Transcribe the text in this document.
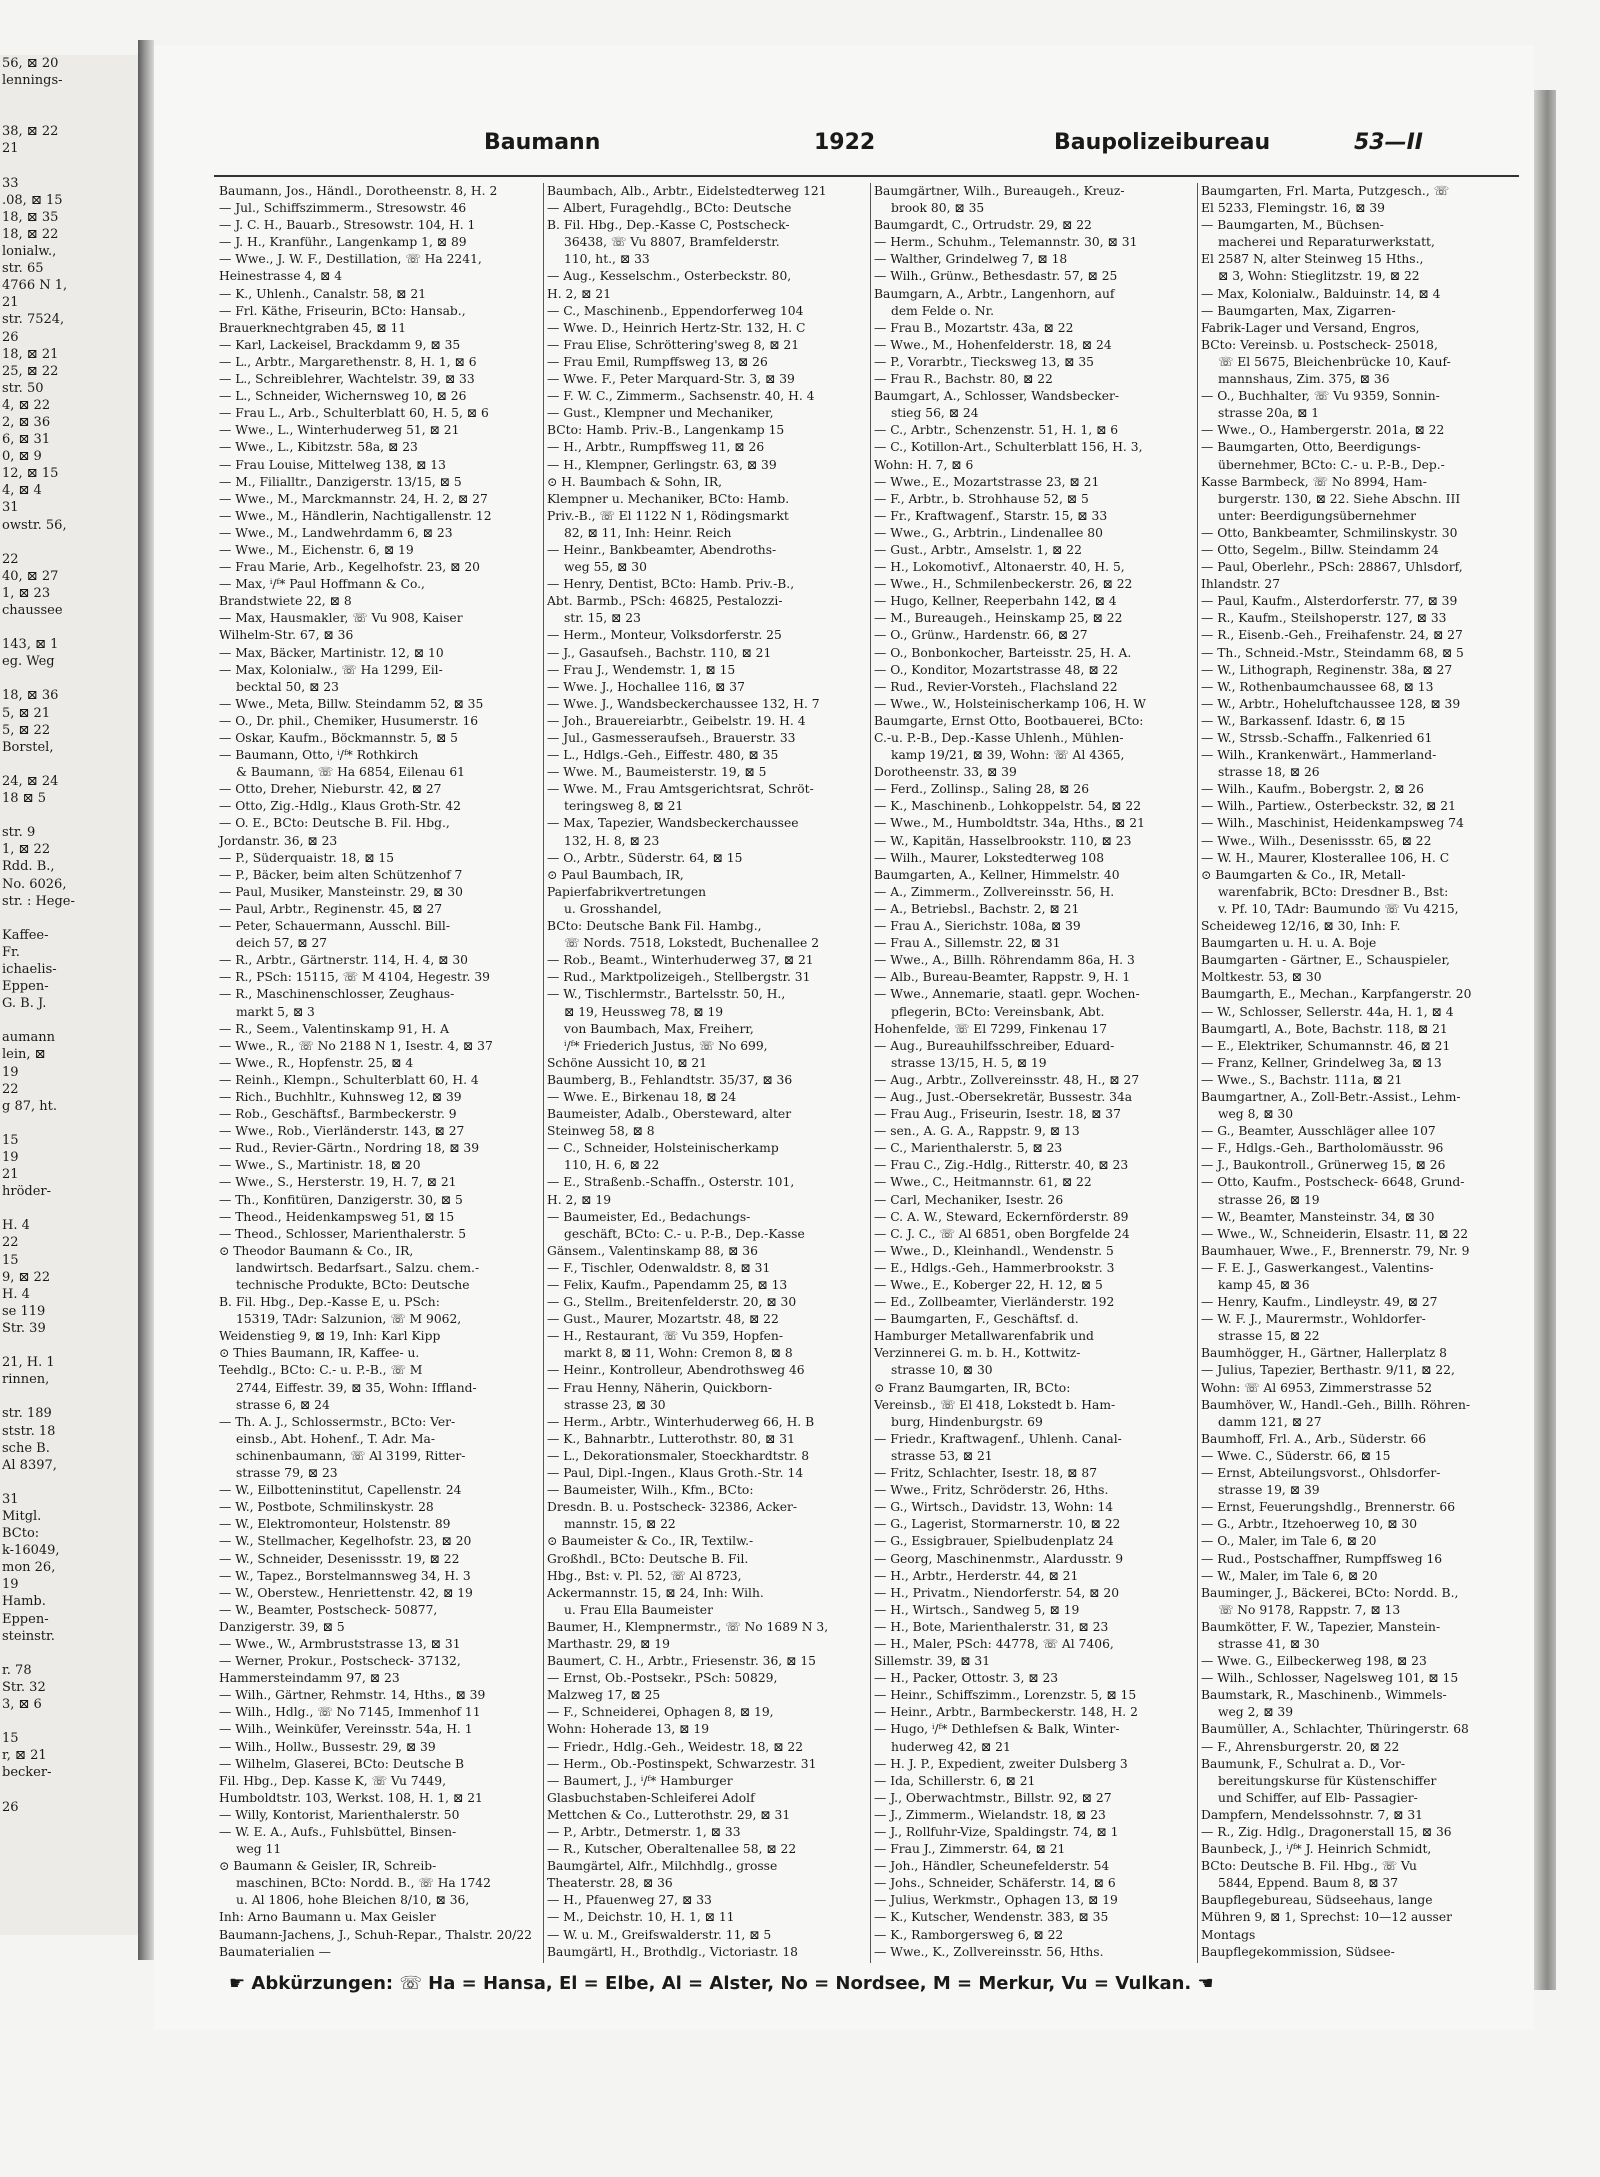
56, ⊠ 20
lennings-

38, ⊠ 22
21

33
.08, ⊠ 15
18, ⊠ 35
18, ⊠ 22
lonialw.,
str. 65
4766 N 1,
21
str. 7524,
26
18, ⊠ 21
25, ⊠ 22
str. 50
4, ⊠ 22
2, ⊠ 36
6, ⊠ 31
0, ⊠ 9
12, ⊠ 15
4, ⊠ 4
31
owstr. 56,

22
40, ⊠ 27
1, ⊠ 23
chaussee

143, ⊠ 1
eg. Weg

18, ⊠ 36
5, ⊠ 21
5, ⊠ 22
Borstel,

24, ⊠ 24
18 ⊠ 5

str. 9
1, ⊠ 22
Rdd. B.,
No. 6026,
str. : Hege-

Kaffee-
Fr.
ichaelis-
Eppen-
G. B. J.

aumann
lein, ⊠
19
22
g 87, ht.

15
19
21
hröder-

H. 4
22
15
9, ⊠ 22
H. 4
se 119
Str. 39

21, H. 1
rinnen,

str. 189
ststr. 18
sche B.
Al 8397,

31
Mitgl.
BCto:
k-16049,
mon 26,
19
Hamb.
Eppen-
steinstr.

r. 78
Str. 32
3, ⊠ 6

15
r, ⊠ 21
becker-

26
Baumann	1922	Baupolizeibureau	53—II
Baumann, Jos., Händl., Dorotheenstr. 8, H. 2
— Jul., Schiffszimmerm., Stresowstr. 46
— J. C. H., Bauarb., Stresowstr. 104, H. 1
— J. H., Kranführ., Langenkamp 1, ⊠ 89
— Wwe., J. W. F., Destillation, ☏ Ha 2241,
Heinestrasse 4, ⊠ 4
— K., Uhlenh., Canalstr. 58, ⊠ 21
— Frl. Käthe, Friseurin, BCto: Hansab.,
Brauerknechtgraben 45, ⊠ 11
— Karl, Lackeisel, Brackdamm 9, ⊠ 35
— L., Arbtr., Margarethenstr. 8, H. 1, ⊠ 6
— L., Schreiblehrer, Wachtelstr. 39, ⊠ 33
— L., Schneider, Wichernsweg 10, ⊠ 26
— Frau L., Arb., Schulterblatt 60, H. 5, ⊠ 6
— Wwe., L., Winterhuderweg 51, ⊠ 21
— Wwe., L., Kibitzstr. 58a, ⊠ 23
— Frau Louise, Mittelweg 138, ⊠ 13
— M., Filialltr., Danzigerstr. 13/15, ⊠ 5
— Wwe., M., Marckmannstr. 24, H. 2, ⊠ 27
— Wwe., M., Händlerin, Nachtigallenstr. 12
— Wwe., M., Landwehrdamm 6, ⊠ 23
— Wwe., M., Eichenstr. 6, ⊠ 19
— Frau Marie, Arb., Kegelhofstr. 23, ⊠ 20
— Max, ⁱ/ᶠ* Paul Hoffmann & Co.,
Brandstwiete 22, ⊠ 8
— Max, Hausmakler, ☏ Vu 908, Kaiser
Wilhelm-Str. 67, ⊠ 36
— Max, Bäcker, Martinistr. 12, ⊠ 10
— Max, Kolonialw., ☏ Ha 1299, Eil-
becktal 50, ⊠ 23
— Wwe., Meta, Billw. Steindamm 52, ⊠ 35
— O., Dr. phil., Chemiker, Husumerstr. 16
— Oskar, Kaufm., Böckmannstr. 5, ⊠ 5
— Baumann, Otto, ⁱ/ᶠ* Rothkirch
& Baumann, ☏ Ha 6854, Eilenau 61
— Otto, Dreher, Nieburstr. 42, ⊠ 27
— Otto, Zig.-Hdlg., Klaus Groth-Str. 42
— O. E., BCto: Deutsche B. Fil. Hbg.,
Jordanstr. 36, ⊠ 23
— P., Süderquaistr. 18, ⊠ 15
— P., Bäcker, beim alten Schützenhof 7
— Paul, Musiker, Mansteinstr. 29, ⊠ 30
— Paul, Arbtr., Reginenstr. 45, ⊠ 27
— Peter, Schauermann, Ausschl. Bill-
deich 57, ⊠ 27
— R., Arbtr., Gärtnerstr. 114, H. 4, ⊠ 30
— R., PSch: 15115, ☏ M 4104, Hegestr. 39
— R., Maschinenschlosser, Zeughaus-
markt 5, ⊠ 3
— R., Seem., Valentinskamp 91, H. A
— Wwe., R., ☏ No 2188 N 1, Isestr. 4, ⊠ 37
— Wwe., R., Hopfenstr. 25, ⊠ 4
— Reinh., Klempn., Schulterblatt 60, H. 4
— Rich., Buchhltr., Kuhnsweg 12, ⊠ 39
— Rob., Geschäftsf., Barmbeckerstr. 9
— Wwe., Rob., Vierländerstr. 143, ⊠ 27
— Rud., Revier-Gärtn., Nordring 18, ⊠ 39
— Wwe., S., Martinistr. 18, ⊠ 20
— Wwe., S., Hersterstr. 19, H. 7, ⊠ 21
— Th., Konfitüren, Danzigerstr. 30, ⊠ 5
— Theod., Heidenkampsweg 51, ⊠ 15
— Theod., Schlosser, Marienthalerstr. 5
⊙ Theodor Baumann & Co., IR,
landwirtsch. Bedarfsart., Salzu. chem.-
technische Produkte, BCto: Deutsche
B. Fil. Hbg., Dep.-Kasse E, u. PSch:
15319, TAdr: Salzunion, ☏ M 9062,
Weidenstieg 9, ⊠ 19, Inh: Karl Kipp
⊙ Thies Baumann, IR, Kaffee- u.
Teehdlg., BCto: C.- u. P.-B., ☏ M
2744, Eiffestr. 39, ⊠ 35, Wohn: Iffland-
strasse 6, ⊠ 24
— Th. A. J., Schlossermstr., BCto: Ver-
einsb., Abt. Hohenf., T. Adr. Ma-
schinenbaumann, ☏ Al 3199, Ritter-
strasse 79, ⊠ 23
— W., Eilbotteninstitut, Capellenstr. 24
— W., Postbote, Schmilinskystr. 28
— W., Elektromonteur, Holstenstr. 89
— W., Stellmacher, Kegelhofstr. 23, ⊠ 20
— W., Schneider, Desenissstr. 19, ⊠ 22
— W., Tapez., Borstelmannsweg 34, H. 3
— W., Oberstew., Henriettenstr. 42, ⊠ 19
— W., Beamter, Postscheck- 50877,
Danzigerstr. 39, ⊠ 5
— Wwe., W., Armbruststrasse 13, ⊠ 31
— Werner, Prokur., Postscheck- 37132,
Hammersteindamm 97, ⊠ 23
— Wilh., Gärtner, Rehmstr. 14, Hths., ⊠ 39
— Wilh., Hdlg., ☏ No 7145, Immenhof 11
— Wilh., Weinküfer, Vereinsstr. 54a, H. 1
— Wilh., Hollw., Bussestr. 29, ⊠ 39
— Wilhelm, Glaserei, BCto: Deutsche B
Fil. Hbg., Dep. Kasse K, ☏ Vu 7449,
Humboldtstr. 103, Werkst. 108, H. 1, ⊠ 21
— Willy, Kontorist, Marienthalerstr. 50
— W. E. A., Aufs., Fuhlsbüttel, Binsen-
weg 11
⊙ Baumann & Geisler, IR, Schreib-
maschinen, BCto: Nordd. B., ☏ Ha 1742
u. Al 1806, hohe Bleichen 8/10, ⊠ 36,
Inh: Arno Baumann u. Max Geisler
Baumann-Jachens, J., Schuh-Repar., Thalstr. 20/22
Baumaterialien —
Baumbach, Alb., Arbtr., Eidelstedterweg 121
— Albert, Furagehdlg., BCto: Deutsche
B. Fil. Hbg., Dep.-Kasse C, Postscheck-
36438, ☏ Vu 8807, Bramfelderstr.
110, ht., ⊠ 33
— Aug., Kesselschm., Osterbeckstr. 80,
H. 2, ⊠ 21
— C., Maschinenb., Eppendorferweg 104
— Wwe. D., Heinrich Hertz-Str. 132, H. C
— Frau Elise, Schröttering'sweg 8, ⊠ 21
— Frau Emil, Rumpffsweg 13, ⊠ 26
— Wwe. F., Peter Marquard-Str. 3, ⊠ 39
— F. W. C., Zimmerm., Sachsenstr. 40, H. 4
— Gust., Klempner und Mechaniker,
BCto: Hamb. Priv.-B., Langenkamp 15
— H., Arbtr., Rumpffsweg 11, ⊠ 26
— H., Klempner, Gerlingstr. 63, ⊠ 39
⊙ H. Baumbach & Sohn, IR,
Klempner u. Mechaniker, BCto: Hamb.
Priv.-B., ☏ El 1122 N 1, Rödingsmarkt
82, ⊠ 11, Inh: Heinr. Reich
— Heinr., Bankbeamter, Abendroths-
weg 55, ⊠ 30
— Henry, Dentist, BCto: Hamb. Priv.-B.,
Abt. Barmb., PSch: 46825, Pestalozzi-
str. 15, ⊠ 23
— Herm., Monteur, Volksdorferstr. 25
— J., Gasaufseh., Bachstr. 110, ⊠ 21
— Frau J., Wendemstr. 1, ⊠ 15
— Wwe. J., Hochallee 116, ⊠ 37
— Wwe. J., Wandsbeckerchaussee 132, H. 7
— Joh., Brauereiarbtr., Geibelstr. 19. H. 4
— Jul., Gasmesseraufseh., Brauerstr. 33
— L., Hdlgs.-Geh., Eiffestr. 480, ⊠ 35
— Wwe. M., Baumeisterstr. 19, ⊠ 5
— Wwe. M., Frau Amtsgerichtsrat, Schröt-
teringsweg 8, ⊠ 21
— Max, Tapezier, Wandsbeckerchaussee
132, H. 8, ⊠ 23
— O., Arbtr., Süderstr. 64, ⊠ 15
⊙ Paul Baumbach, IR,
Papierfabrikvertretungen
u. Grosshandel,
BCto: Deutsche Bank Fil. Hambg.,
☏ Nords. 7518, Lokstedt, Buchenallee 2
— Rob., Beamt., Winterhuderweg 37, ⊠ 21
— Rud., Marktpolizeigeh., Stellbergstr. 31
— W., Tischlermstr., Bartelsstr. 50, H.,
⊠ 19, Heussweg 78, ⊠ 19
von Baumbach, Max, Freiherr,
ⁱ/ᶠ* Friederich Justus, ☏ No 699,
Schöne Aussicht 10, ⊠ 21
Baumberg, B., Fehlandtstr. 35/37, ⊠ 36
— Wwe. E., Birkenau 18, ⊠ 24
Baumeister, Adalb., Obersteward, alter
Steinweg 58, ⊠ 8
— C., Schneider, Holsteinischerkamp
110, H. 6, ⊠ 22
— E., Straßenb.-Schaffn., Osterstr. 101,
H. 2, ⊠ 19
— Baumeister, Ed., Bedachungs-
geschäft, BCto: C.- u. P.-B., Dep.-Kasse
Gänsem., Valentinskamp 88, ⊠ 36
— F., Tischler, Odenwaldstr. 8, ⊠ 31
— Felix, Kaufm., Papendamm 25, ⊠ 13
— G., Stellm., Breitenfelderstr. 20, ⊠ 30
— Gust., Maurer, Mozartstr. 48, ⊠ 22
— H., Restaurant, ☏ Vu 359, Hopfen-
markt 8, ⊠ 11, Wohn: Cremon 8, ⊠ 8
— Heinr., Kontrolleur, Abendrothsweg 46
— Frau Henny, Näherin, Quickborn-
strasse 23, ⊠ 30
— Herm., Arbtr., Winterhuderweg 66, H. B
— K., Bahnarbtr., Lutterothstr. 80, ⊠ 31
— L., Dekorationsmaler, Stoeckhardtstr. 8
— Paul, Dipl.-Ingen., Klaus Groth.-Str. 14
— Baumeister, Wilh., Kfm., BCto:
Dresdn. B. u. Postscheck- 32386, Acker-
mannstr. 15, ⊠ 22
⊙ Baumeister & Co., IR, Textilw.-
Großhdl., BCto: Deutsche B. Fil.
Hbg., Bst: v. Pl. 52, ☏ Al 8723,
Ackermannstr. 15, ⊠ 24, Inh: Wilh.
u. Frau Ella Baumeister
Baumer, H., Klempnermstr., ☏ No 1689 N 3,
Marthastr. 29, ⊠ 19
Baumert, C. H., Arbtr., Friesenstr. 36, ⊠ 15
— Ernst, Ob.-Postsekr., PSch: 50829,
Malzweg 17, ⊠ 25
— F., Schneiderei, Ophagen 8, ⊠ 19,
Wohn: Hoherade 13, ⊠ 19
— Friedr., Hdlg.-Geh., Weidestr. 18, ⊠ 22
— Herm., Ob.-Postinspekt, Schwarzestr. 31
— Baumert, J., ⁱ/ᶠ* Hamburger
Glasbuchstaben-Schleiferei Adolf
Mettchen & Co., Lutterothstr. 29, ⊠ 31
— P., Arbtr., Detmerstr. 1, ⊠ 33
— R., Kutscher, Oberaltenallee 58, ⊠ 22
Baumgärtel, Alfr., Milchhdlg., grosse
Theaterstr. 28, ⊠ 36
— H., Pfauenweg 27, ⊠ 33
— M., Deichstr. 10, H. 1, ⊠ 11
— W. u. M., Greifswalderstr. 11, ⊠ 5
Baumgärtl, H., Brothdlg., Victoriastr. 18
Baumgärtner, Wilh., Bureaugeh., Kreuz-
brook 80, ⊠ 35
Baumgardt, C., Ortrudstr. 29, ⊠ 22
— Herm., Schuhm., Telemannstr. 30, ⊠ 31
— Walther, Grindelweg 7, ⊠ 18
— Wilh., Grünw., Bethesdastr. 57, ⊠ 25
Baumgarn, A., Arbtr., Langenhorn, auf
dem Felde o. Nr.
— Frau B., Mozartstr. 43a, ⊠ 22
— Wwe., M., Hohenfelderstr. 18, ⊠ 24
— P., Vorarbtr., Tiecksweg 13, ⊠ 35
— Frau R., Bachstr. 80, ⊠ 22
Baumgart, A., Schlosser, Wandsbecker-
stieg 56, ⊠ 24
— C., Arbtr., Schenzenstr. 51, H. 1, ⊠ 6
— C., Kotillon-Art., Schulterblatt 156, H. 3,
Wohn: H. 7, ⊠ 6
— Wwe., E., Mozartstrasse 23, ⊠ 21
— F., Arbtr., b. Strohhause 52, ⊠ 5
— Fr., Kraftwagenf., Starstr. 15, ⊠ 33
— Wwe., G., Arbtrin., Lindenallee 80
— Gust., Arbtr., Amselstr. 1, ⊠ 22
— H., Lokomotivf., Altonaerstr. 40, H. 5,
— Wwe., H., Schmilenbeckerstr. 26, ⊠ 22
— Hugo, Kellner, Reeperbahn 142, ⊠ 4
— M., Bureaugeh., Heinskamp 25, ⊠ 22
— O., Grünw., Hardenstr. 66, ⊠ 27
— O., Bonbonkocher, Barteisstr. 25, H. A.
— O., Konditor, Mozartstrasse 48, ⊠ 22
— Rud., Revier-Vorsteh., Flachsland 22
— Wwe., W., Holsteinischerkamp 106, H. W
Baumgarte, Ernst Otto, Bootbauerei, BCto:
C.-u. P.-B., Dep.-Kasse Uhlenh., Mühlen-
kamp 19/21, ⊠ 39, Wohn: ☏ Al 4365,
Dorotheenstr. 33, ⊠ 39
— Ferd., Zollinsp., Saling 28, ⊠ 26
— K., Maschinenb., Lohkoppelstr. 54, ⊠ 22
— Wwe., M., Humboldtstr. 34a, Hths., ⊠ 21
— W., Kapitän, Hasselbrookstr. 110, ⊠ 23
— Wilh., Maurer, Lokstedterweg 108
Baumgarten, A., Kellner, Himmelstr. 40
— A., Zimmerm., Zollvereinsstr. 56, H.
— A., Betriebsl., Bachstr. 2, ⊠ 21
— Frau A., Sierichstr. 108a, ⊠ 39
— Frau A., Sillemstr. 22, ⊠ 31
— Wwe., A., Billh. Röhrendamm 86a, H. 3
— Alb., Bureau-Beamter, Rappstr. 9, H. 1
— Wwe., Annemarie, staatl. gepr. Wochen-
pflegerin, BCto: Vereinsbank, Abt.
Hohenfelde, ☏ El 7299, Finkenau 17
— Aug., Bureauhilfsschreiber, Eduard-
strasse 13/15, H. 5, ⊠ 19
— Aug., Arbtr., Zollvereinsstr. 48, H., ⊠ 27
— Aug., Just.-Obersekretär, Bussestr. 34a
— Frau Aug., Friseurin, Isestr. 18, ⊠ 37
— sen., A. G. A., Rappstr. 9, ⊠ 13
— C., Marienthalerstr. 5, ⊠ 23
— Frau C., Zig.-Hdlg., Ritterstr. 40, ⊠ 23
— Wwe., C., Heitmannstr. 61, ⊠ 22
— Carl, Mechaniker, Isestr. 26
— C. A. W., Steward, Eckernförderstr. 89
— C. J. C., ☏ Al 6851, oben Borgfelde 24
— Wwe., D., Kleinhandl., Wendenstr. 5
— E., Hdlgs.-Geh., Hammerbrookstr. 3
— Wwe., E., Koberger 22, H. 12, ⊠ 5
— Ed., Zollbeamter, Vierländerstr. 192
— Baumgarten, F., Geschäftsf. d.
Hamburger Metallwarenfabrik und
Verzinnerei G. m. b. H., Kottwitz-
strasse 10, ⊠ 30
⊙ Franz Baumgarten, IR, BCto:
Vereinsb., ☏ El 418, Lokstedt b. Ham-
burg, Hindenburgstr. 69
— Friedr., Kraftwagenf., Uhlenh. Canal-
strasse 53, ⊠ 21
— Fritz, Schlachter, Isestr. 18, ⊠ 87
— Wwe., Fritz, Schröderstr. 26, Hths.
— G., Wirtsch., Davidstr. 13, Wohn: 14
— G., Lagerist, Stormarnerstr. 10, ⊠ 22
— G., Essigbrauer, Spielbudenplatz 24
— Georg, Maschinenmstr., Alardusstr. 9
— H., Arbtr., Herderstr. 44, ⊠ 21
— H., Privatm., Niendorferstr. 54, ⊠ 20
— H., Wirtsch., Sandweg 5, ⊠ 19
— H., Bote, Marienthalerstr. 31, ⊠ 23
— H., Maler, PSch: 44778, ☏ Al 7406,
Sillemstr. 39, ⊠ 31
— H., Packer, Ottostr. 3, ⊠ 23
— Heinr., Schiffszimm., Lorenzstr. 5, ⊠ 15
— Heinr., Arbtr., Barmbeckerstr. 148, H. 2
— Hugo, ⁱ/ᶠ* Dethlefsen & Balk, Winter-
huderweg 42, ⊠ 21
— H. J. P., Expedient, zweiter Dulsberg 3
— Ida, Schillerstr. 6, ⊠ 21
— J., Oberwachtmstr., Billstr. 92, ⊠ 27
— J., Zimmerm., Wielandstr. 18, ⊠ 23
— J., Rollfuhr-Vize, Spaldingstr. 74, ⊠ 1
— Frau J., Zimmerstr. 64, ⊠ 21
— Joh., Händler, Scheunefelderstr. 54
— Johs., Schneider, Schäferstr. 14, ⊠ 6
— Julius, Werkmstr., Ophagen 13, ⊠ 19
— K., Kutscher, Wendenstr. 383, ⊠ 35
— K., Ramborgersweg 6, ⊠ 22
— Wwe., K., Zollvereinsstr. 56, Hths.
Baumgarten, Frl. Marta, Putzgesch., ☏
El 5233, Flemingstr. 16, ⊠ 39
— Baumgarten, M., Büchsen-
macherei und Reparaturwerkstatt,
El 2587 N, alter Steinweg 15 Hths.,
⊠ 3, Wohn: Stieglitzstr. 19, ⊠ 22
— Max, Kolonialw., Balduinstr. 14, ⊠ 4
— Baumgarten, Max, Zigarren-
Fabrik-Lager und Versand, Engros,
BCto: Vereinsb. u. Postscheck- 25018,
☏ El 5675, Bleichenbrücke 10, Kauf-
mannshaus, Zim. 375, ⊠ 36
— O., Buchhalter, ☏ Vu 9359, Sonnin-
strasse 20a, ⊠ 1
— Wwe., O., Hambergerstr. 201a, ⊠ 22
— Baumgarten, Otto, Beerdigungs-
übernehmer, BCto: C.- u. P.-B., Dep.-
Kasse Barmbeck, ☏ No 8994, Ham-
burgerstr. 130, ⊠ 22. Siehe Abschn. III
unter: Beerdigungsübernehmer
— Otto, Bankbeamter, Schmilinskystr. 30
— Otto, Segelm., Billw. Steindamm 24
— Paul, Oberlehr., PSch: 28867, Uhlsdorf,
Ihlandstr. 27
— Paul, Kaufm., Alsterdorferstr. 77, ⊠ 39
— R., Kaufm., Steilshoperstr. 127, ⊠ 33
— R., Eisenb.-Geh., Freihafenstr. 24, ⊠ 27
— Th., Schneid.-Mstr., Steindamm 68, ⊠ 5
— W., Lithograph, Reginenstr. 38a, ⊠ 27
— W., Rothenbaumchaussee 68, ⊠ 13
— W., Arbtr., Hoheluftchaussee 128, ⊠ 39
— W., Barkassenf. Idastr. 6, ⊠ 15
— W., Strssb.-Schaffn., Falkenried 61
— Wilh., Krankenwärt., Hammerland-
strasse 18, ⊠ 26
— Wilh., Kaufm., Bobergstr. 2, ⊠ 26
— Wilh., Partiew., Osterbeckstr. 32, ⊠ 21
— Wilh., Maschinist, Heidenkampsweg 74
— Wwe., Wilh., Desenissstr. 65, ⊠ 22
— W. H., Maurer, Klosterallee 106, H. C
⊙ Baumgarten & Co., IR, Metall-
warenfabrik, BCto: Dresdner B., Bst:
v. Pf. 10, TAdr: Baumundo ☏ Vu 4215,
Scheideweg 12/16, ⊠ 30, Inh: F.
Baumgarten u. H. u. A. Boje
Baumgarten - Gärtner, E., Schauspieler,
Moltkestr. 53, ⊠ 30
Baumgarth, E., Mechan., Karpfangerstr. 20
— W., Schlosser, Sellerstr. 44a, H. 1, ⊠ 4
Baumgartl, A., Bote, Bachstr. 118, ⊠ 21
— E., Elektriker, Schumannstr. 46, ⊠ 21
— Franz, Kellner, Grindelweg 3a, ⊠ 13
— Wwe., S., Bachstr. 111a, ⊠ 21
Baumgartner, A., Zoll-Betr.-Assist., Lehm-
weg 8, ⊠ 30
— G., Beamter, Ausschläger allee 107
— F., Hdlgs.-Geh., Bartholomäusstr. 96
— J., Baukontroll., Grünerweg 15, ⊠ 26
— Otto, Kaufm., Postscheck- 6648, Grund-
strasse 26, ⊠ 19
— W., Beamter, Mansteinstr. 34, ⊠ 30
— Wwe., W., Schneiderin, Elsastr. 11, ⊠ 22
Baumhauer, Wwe., F., Brennerstr. 79, Nr. 9
— F. E. J., Gaswerkangest., Valentins-
kamp 45, ⊠ 36
— Henry, Kaufm., Lindleystr. 49, ⊠ 27
— W. F. J., Maurermstr., Wohldorfer-
strasse 15, ⊠ 22
Baumhögger, H., Gärtner, Hallerplatz 8
— Julius, Tapezier, Berthastr. 9/11, ⊠ 22,
Wohn: ☏ Al 6953, Zimmerstrasse 52
Baumhöver, W., Handl.-Geh., Billh. Röhren-
damm 121, ⊠ 27
Baumhoff, Frl. A., Arb., Süderstr. 66
— Wwe. C., Süderstr. 66, ⊠ 15
— Ernst, Abteilungsvorst., Ohlsdorfer-
strasse 19, ⊠ 39
— Ernst, Feuerungshdlg., Brennerstr. 66
— G., Arbtr., Itzehoerweg 10, ⊠ 30
— O., Maler, im Tale 6, ⊠ 20
— Rud., Postschaffner, Rumpffsweg 16
— W., Maler, im Tale 6, ⊠ 20
Bauminger, J., Bäckerei, BCto: Nordd. B.,
☏ No 9178, Rappstr. 7, ⊠ 13
Baumkötter, F. W., Tapezier, Manstein-
strasse 41, ⊠ 30
— Wwe. G., Eilbeckerweg 198, ⊠ 23
— Wilh., Schlosser, Nagelsweg 101, ⊠ 15
Baumstark, R., Maschinenb., Wimmels-
weg 2, ⊠ 39
Baumüller, A., Schlachter, Thüringerstr. 68
— F., Ahrensburgerstr. 20, ⊠ 22
Baumunk, F., Schulrat a. D., Vor-
bereitungskurse für Küstenschiffer
und Schiffer, auf Elb- Passagier-
Dampfern, Mendelssohnstr. 7, ⊠ 31
— R., Zig. Hdlg., Dragonerstall 15, ⊠ 36
Baunbeck, J., ⁱ/ᶠ* J. Heinrich Schmidt,
BCto: Deutsche B. Fil. Hbg., ☏ Vu
5844, Eppend. Baum 8, ⊠ 37
Baupflegebureau, Südseehaus, lange
Mühren 9, ⊠ 1, Sprechst: 10—12 ausser
Montags
Baupflegekommission, Südsee-
☛ Abkürzungen: ☏ Ha = Hansa, El = Elbe, Al = Alster, No = Nordsee, M = Merkur, Vu = Vulkan. ☚
